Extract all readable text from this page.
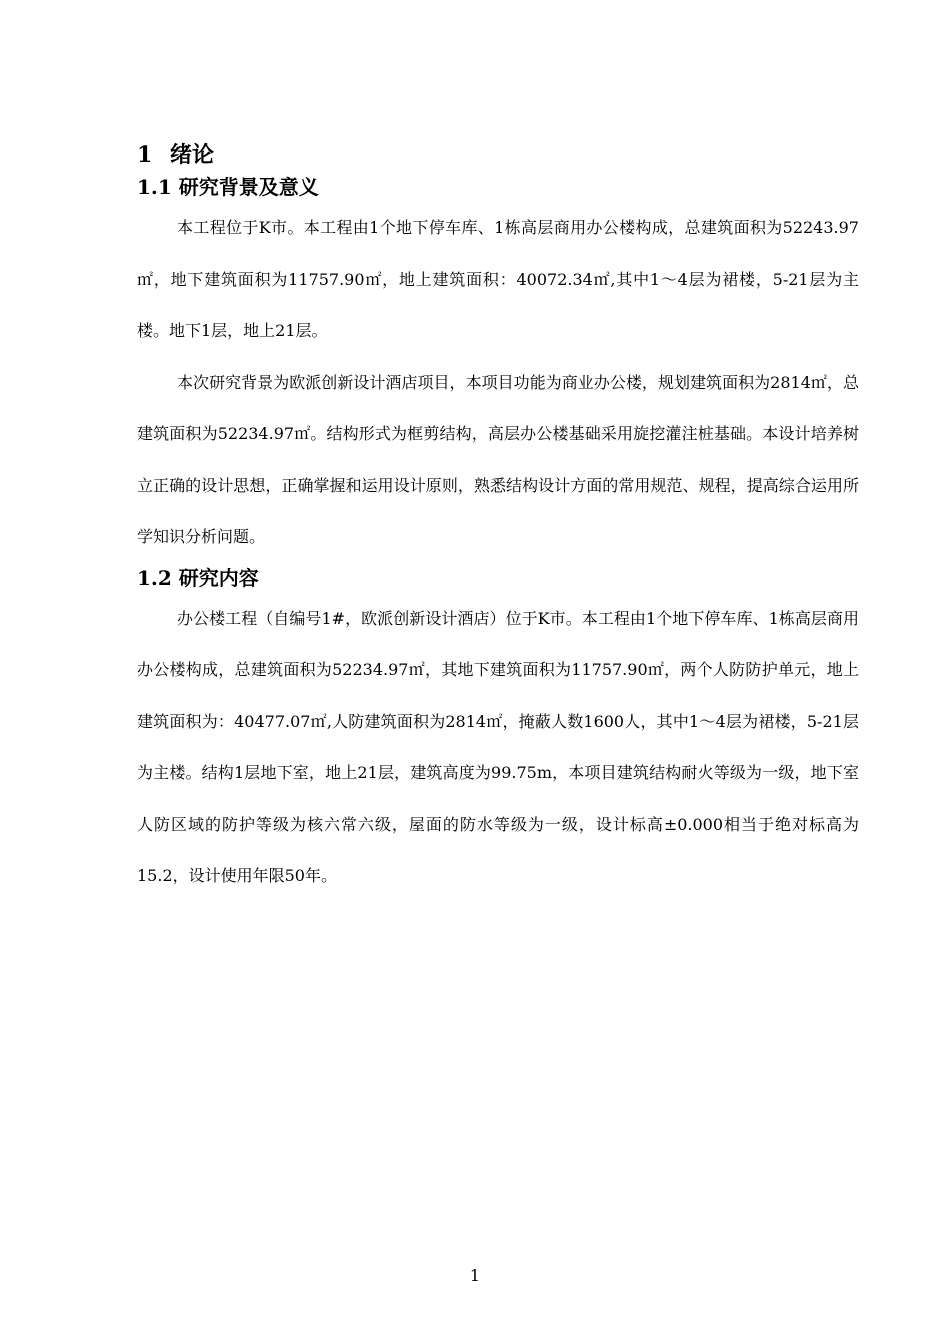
1 绪论
1.1 研究背景及意义

本工程位于K市。本工程由1个地下停车库、1栋高层商用办公楼构成，总建筑面积为52243.97㎡，地下建筑面积为11757.90㎡，地上建筑面积：40072.34㎡,其中1～4层为裙楼，5-21层为主楼。地下1层，地上21层。

本次研究背景为欧派创新设计酒店项目，本项目功能为商业办公楼，规划建筑面积为2814㎡，总建筑面积为52234.97㎡。结构形式为框剪结构，高层办公楼基础采用旋挖灌注桩基础。本设计培养树立正确的设计思想，正确掌握和运用设计原则，熟悉结构设计方面的常用规范、规程，提高综合运用所学知识分析问题。

1.2 研究内容

办公楼工程（自编号1#，欧派创新设计酒店）位于K市。本工程由1个地下停车库、1栋高层商用办公楼构成，总建筑面积为52234.97㎡，其地下建筑面积为11757.90㎡，两个人防防护单元，地上建筑面积为：40477.07㎡,人防建筑面积为2814㎡，掩蔽人数1600人，其中1～4层为裙楼，5-21层为主楼。结构1层地下室，地上21层，建筑高度为99.75m，本项目建筑结构耐火等级为一级，地下室人防区域的防护等级为核六常六级，屋面的防水等级为一级，设计标高±0.000相当于绝对标高为15.2，设计使用年限50年。

1
